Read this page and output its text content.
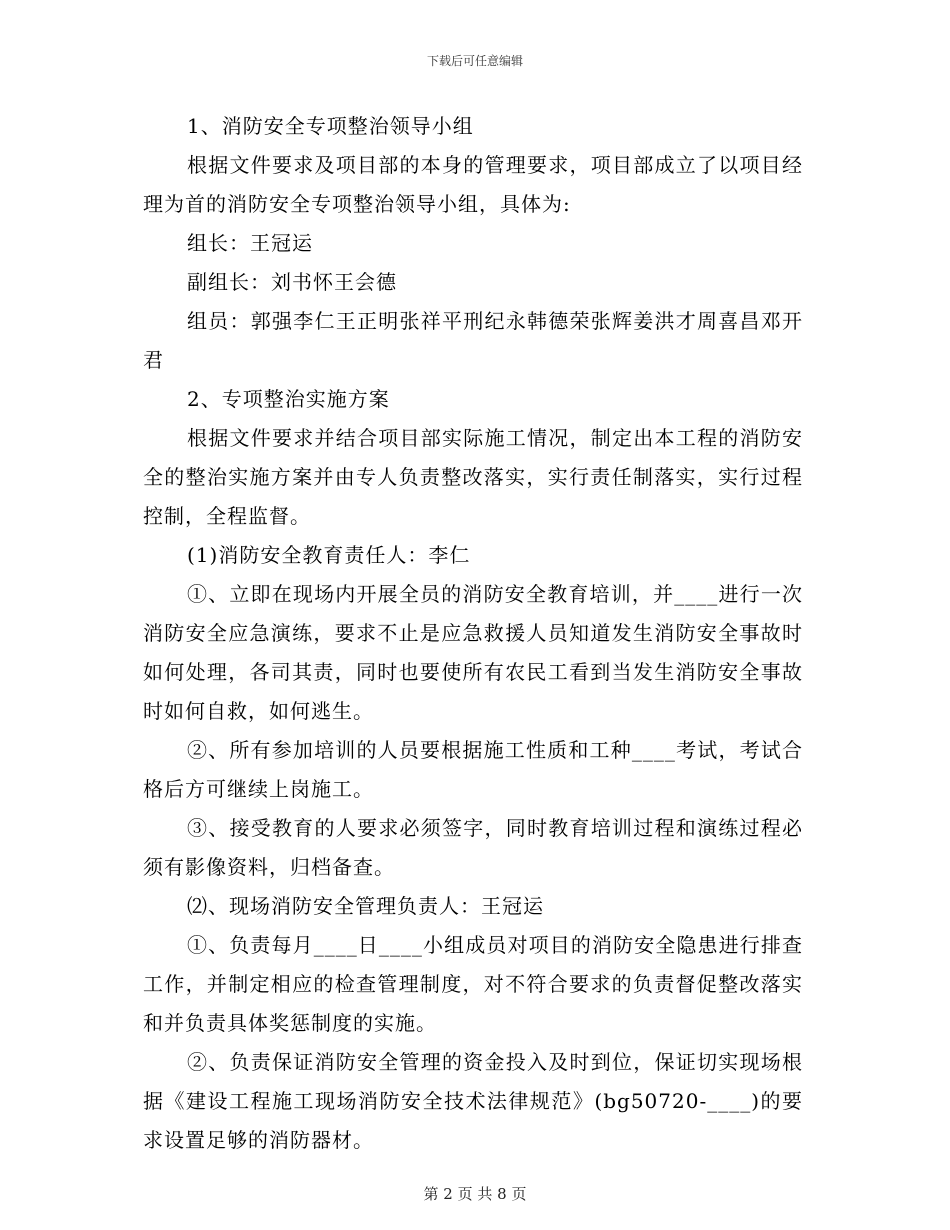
下载后可任意编辑

1、消防安全专项整治领导小组

根据文件要求及项目部的本身的管理要求，项目部成立了以项目经理为首的消防安全专项整治领导小组，具体为:

组长：王冠运

副组长：刘书怀王会德

组员：郭强李仁王正明张祥平刑纪永韩德荣张辉姜洪才周喜昌邓开君

2、专项整治实施方案

根据文件要求并结合项目部实际施工情况，制定出本工程的消防安全的整治实施方案并由专人负责整改落实，实行责任制落实，实行过程控制，全程监督。

(1)消防安全教育责任人：李仁

①、立即在现场内开展全员的消防安全教育培训，并____进行一次消防安全应急演练，要求不止是应急救援人员知道发生消防安全事故时如何处理，各司其责，同时也要使所有农民工看到当发生消防安全事故时如何自救，如何逃生。

②、所有参加培训的人员要根据施工性质和工种____考试，考试合格后方可继续上岗施工。

③、接受教育的人要求必须签字，同时教育培训过程和演练过程必须有影像资料，归档备查。

⑵、现场消防安全管理负责人：王冠运

①、负责每月____日____小组成员对项目的消防安全隐患进行排查工作，并制定相应的检查管理制度，对不符合要求的负责督促整改落实和并负责具体奖惩制度的实施。

②、负责保证消防安全管理的资金投入及时到位，保证切实现场根据《建设工程施工现场消防安全技术法律规范》(bg50720-____)的要求设置足够的消防器材。

第 2 页 共 8 页
